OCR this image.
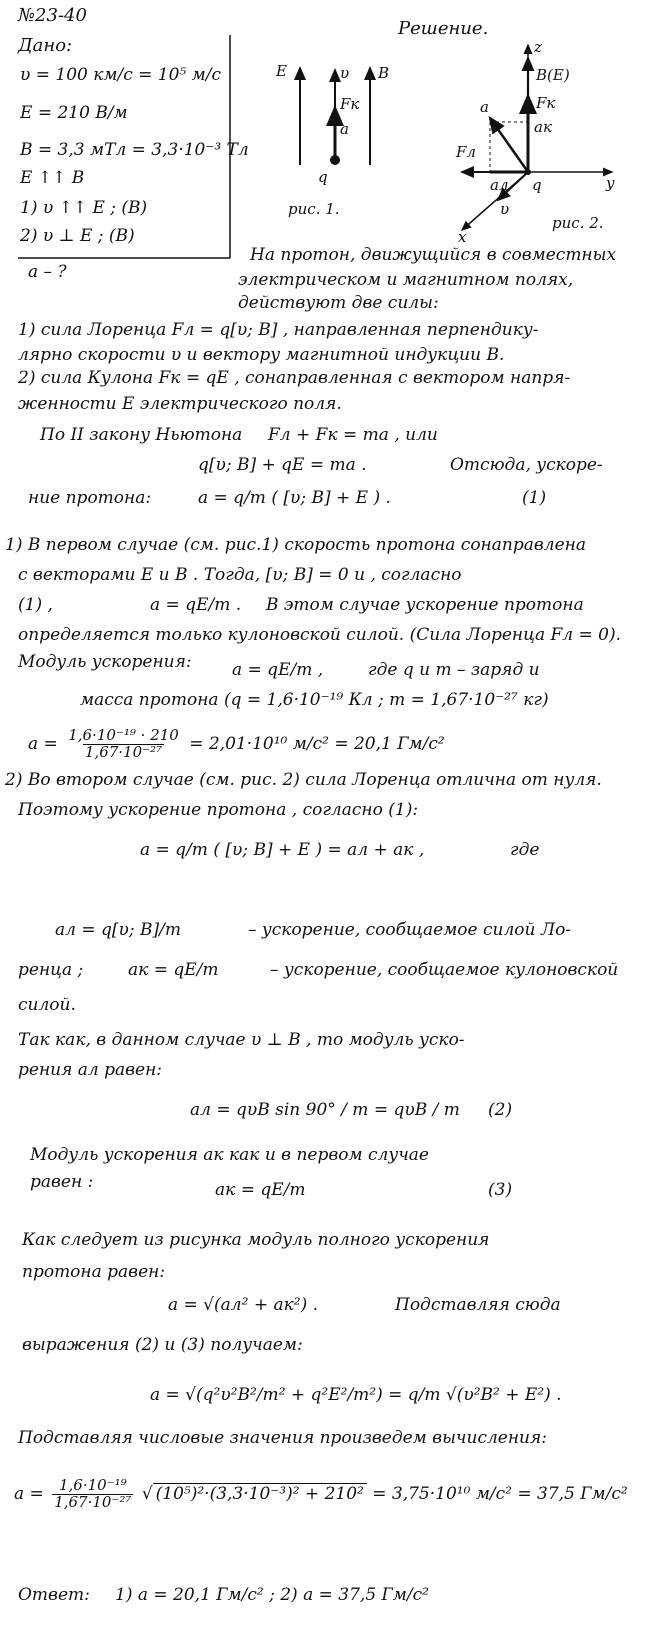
№23-40
Дано:
Решение.
υ = 100 км/с = 10⁵ м/с
E = 210 В/м
B = 3,3 мТл = 3,3·10⁻³ Тл
E ↑↑ B
1) υ ↑↑ E ; (B)
2) υ ⊥ E ; (B)
a – ?
E	υ B
Fк
a
q
рис. 1.
z
B(E)
Fк
a
aк
Fл
aл q	y
υ
x
рис. 2.
На протон, движущийся в совместных
электрическом и магнитном полях,
действуют две силы:
1) сила Лоренца Fл = q[υ; B] , направленная перпендику-
лярно скорости υ и вектору магнитной индукции B.
2) сила Кулона Fк = qE , сонаправленная с вектором напря-
женности E электрического поля.
По II закону Ньютона Fл + Fк = ma , или
q[υ; B] + qE = ma .	Отсюда, ускоре-
ние протона:	a = q/m ( [υ; B] + E ) .	(1)
1) В первом случае (см. рис.1) скорость протона сонаправлена
с векторами E и B . Тогда, [υ; B] = 0 и , согласно
(1) ,	a = qE/m . В этом случае ускорение протона
определяется только кулоновской силой. (Сила Лоренца Fл = 0).
Модуль ускорения: a = qE/m ,	где q и m – заряд и
масса протона (q = 1,6·10⁻¹⁹ Кл ; m = 1,67·10⁻²⁷ кг)
$a = \frac{\text{1,6·10⁻¹⁹ · 210}}{\text{1,67·10⁻²⁷}} = 2,01\cdot 10^{10}$ м/с² = 20,1 Гм/с²
2) Во втором случае (см. рис. 2) сила Лоренца отлична от нуля.
Поэтому ускорение протона , согласно (1):
a = q/m ( [υ; B] + E ) = aл + aк ,	где
aл = q[υ; B]/m	– ускорение, сообщаемое силой Ло-
ренца ;	aк = qE/m	– ускорение, сообщаемое кулоновской
силой.
Так как, в данном случае υ ⊥ B , то модуль уско-
рения aл равен:
aл = qυB sin 90° / m = qυB / m (2)
Модуль ускорения aк как и в первом случае
равен :	aк = qE/m	(3)
Как следует из рисунка модуль полного ускорения
протона равен:
a = √(aл² + aк²) .	Подставляя сюда
выражения (2) и (3) получаем:
a = √(q²υ²B²/m² + q²E²/m²) = q/m √(υ²B² + E²) .
Подставляя числовые значения произведем вычисления:
$a = \frac{\text{1,6·10⁻¹⁹}}{\text{1,67·10⁻²⁷}}$ √ (10⁵)²·(3,3·10⁻³)² + 210² = 3,75·10¹⁰ м/с² = 37,5 Гм/с²
Ответ: 1) a = 20,1 Гм/с² ; 2) a = 37,5 Гм/с²
